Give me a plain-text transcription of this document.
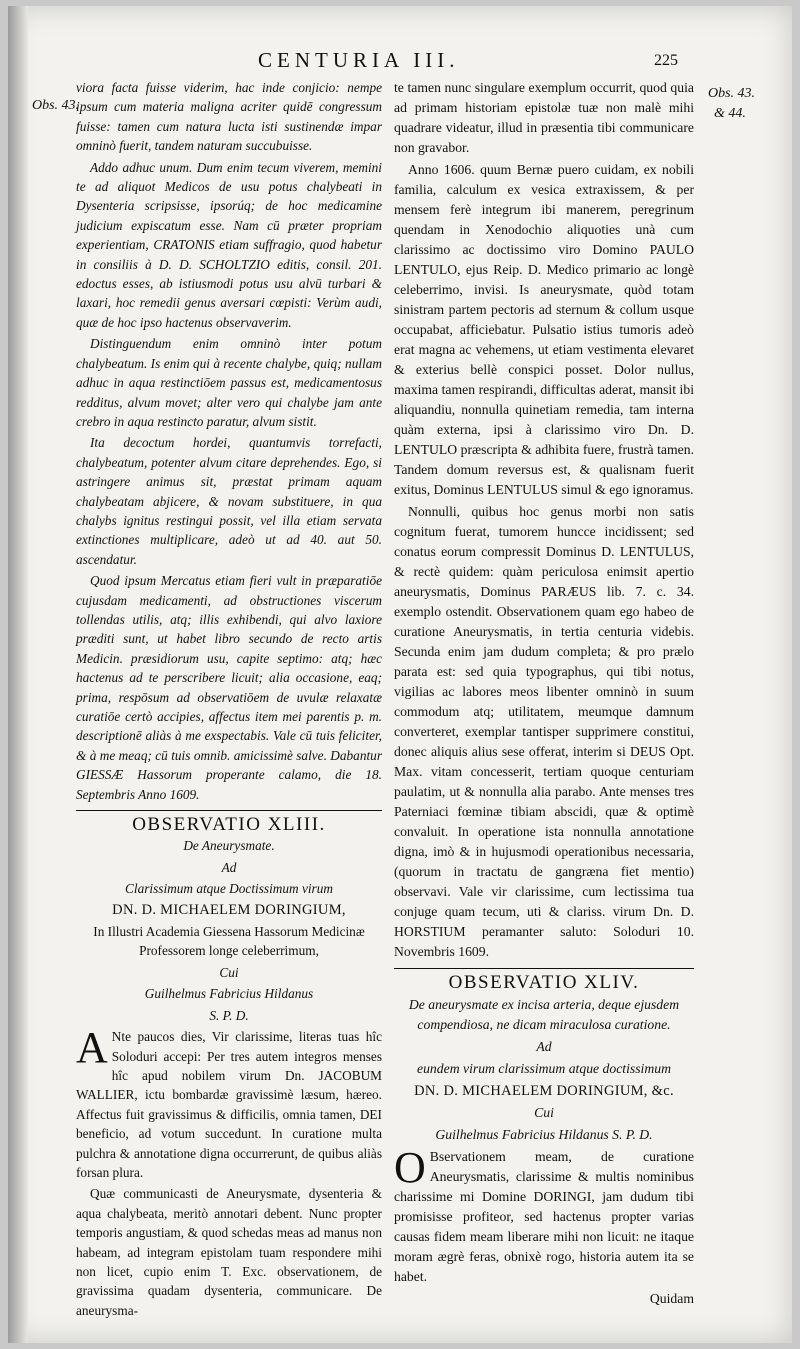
CENTURIA III.	225
Obs. 43.
Obs. 43.
& 44.

viora facta fuisse viderim, hac inde conjicio: nempe ipsum cum materia maligna acriter quidē congressum fuisse: tamen cum natura lucta isti sustinendæ impar omninò fuerit, tandem naturam succubuisse.

Addo adhuc unum. Dum enim tecum viverem, memini te ad aliquot Medicos de usu potus chalybeati in Dysenteria scripsisse, ipsorúq; de hoc medicamine judicium expiscatum esse. Nam cū præter propriam experientiam, CRATONIS etiam suffragio, quod habetur in consiliis à D. D. SCHOLTZIO editis, consil. 201. edoctus esses, ab istiusmodi potus usu alvū turbari & laxari, hoc remedii genus aversari cœpisti: Verùm audi, quæ de hoc ipso hactenus observaverim.

Distinguendum enim omninò inter potum chalybeatum. Is enim qui à recente chalybe, quiq; nullam adhuc in aqua restinctiōem passus est, medicamentosus redditus, alvum movet; alter vero qui chalybe jam ante crebro in aqua restincto paratur, alvum sistit.

Ita decoctum hordei, quantumvis torrefacti, chalybeatum, potenter alvum citare deprehendes. Ego, si astringere animus sit, præstat primam aquam chalybeatam abjicere, & novam substituere, in qua chalybs ignitus restingui possit, vel illa etiam servata extinctiones multiplicare, adeò ut ad 40. aut 50. ascendatur.

Quod ipsum Mercatus etiam fieri vult in præparatiōe cujusdam medicamenti, ad obstructiones viscerum tollendas utilis, atq; illis exhibendi, qui alvo laxiore præditi sunt, ut habet libro secundo de recto artis Medicin. præsidiorum usu, capite septimo: atq; hæc hactenus ad te perscribere licuit; alia occasione, eaq; prima, respōsum ad observatiōem de uvulæ relaxatæ curatiōe certò accipies, affectus item mei parentis p. m. descriptionē aliàs à me exspectabis. Vale cū tuis feliciter, & à me meaq; cū tuis omnib. amicissimè salve. Dabantur GIESSÆ Hassorum properante calamo, die 18. Septembris Anno 1609.

OBSERVATIO XLIII.

De Aneurysmate.

Ad

Clarissimum atque Doctissimum virum

DN. D. MICHAELEM DORINGIUM,

In Illustri Academia Giessena Hassorum Medicinæ Professorem longe celeberrimum,

Cui

Guilhelmus Fabricius Hildanus

S. P. D.

A Nte paucos dies, Vir clarissime, literas tuas hîc Soloduri accepi: Per tres autem integros menses hîc apud nobilem virum Dn. JACOBUM WALLIER, ictu bombardæ gravissimè læsum, hæreo. Affectus fuit gravissimus & difficilis, omnia tamen, DEI beneficio, ad votum succedunt. In curatione multa pulchra & annotatione digna occurrerunt, de quibus aliàs forsan plura.

Quæ communicasti de Aneurysmate, dysenteria & aqua chalybeata, meritò annotari debent. Nunc propter temporis angustiam, & quod schedas meas ad manus non habeam, ad integram epistolam tuam respondere mihi non licet, cupio enim T. Exc. observationem, de gravissima quadam dysenteria, communicare. De aneurysma-

te tamen nunc singulare exemplum occurrit, quod quia ad primam historiam epistolæ tuæ non malè mihi quadrare videatur, illud in præsentia tibi communicare non gravabor.

Anno 1606. quum Bernæ puero cuidam, ex nobili familia, calculum ex vesica extraxissem, & per mensem ferè integrum ibi manerem, peregrinum quendam in Xenodochio aliquoties unà cum clarissimo ac doctissimo viro Domino PAULO LENTULO, ejus Reip. D. Medico primario ac longè celeberrimo, invisi. Is aneurysmate, quòd totam sinistram partem pectoris ad sternum & collum usque occupabat, afficiebatur. Pulsatio istius tumoris adeò erat magna ac vehemens, ut etiam vestimenta elevaret & exterius bellè conspici posset. Dolor nullus, maxima tamen respirandi, difficultas aderat, mansit ibi aliquandiu, nonnulla quinetiam remedia, tam interna quàm externa, ipsi à clarissimo viro Dn. D. LENTULO præscripta & adhibita fuere, frustrà tamen. Tandem domum reversus est, & qualisnam fuerit exitus, Dominus LENTULUS simul & ego ignoramus.

Nonnulli, quibus hoc genus morbi non satis cognitum fuerat, tumorem huncce incidissent; sed conatus eorum compressit Dominus D. LENTULUS, & rectè quidem: quàm periculosa enimsit apertio aneurysmatis, Dominus PARÆUS lib. 7. c. 34. exemplo ostendit. Observationem quam ego habeo de curatione Aneurysmatis, in tertia centuria videbis. Secunda enim jam dudum completa; & pro prælo parata est: sed quia typographus, qui tibi notus, vigilias ac labores meos libenter omninò in suum commodum atq; utilitatem, meumque damnum converteret, exemplar tantisper supprimere constitui, donec aliquis alius sese offerat, interim si DEUS Opt. Max. vitam concesserit, tertiam quoque centuriam paulatim, ut & nonnulla alia parabo. Ante menses tres Paterniaci fœminæ tibiam abscidi, quæ & optimè convaluit. In operatione ista nonnulla annotatione digna, imò & in hujusmodi operationibus necessaria, (quorum in tractatu de gangræna fiet mentio) observavi. Vale vir clarissime, cum lectissima tua conjuge quam tecum, uti & clariss. virum Dn. D. HORSTIUM peramanter saluto: Soloduri 10. Novembris 1609.

OBSERVATIO XLIV.

De aneurysmate ex incisa arteria, deque ejusdem compendiosa, ne dicam miraculosa curatione.

Ad

eundem virum clarissimum atque doctissimum

DN. D. MICHAELEM DORINGIUM, &c.

Cui

Guilhelmus Fabricius Hildanus S. P. D.

O Bservationem meam, de curatione Aneurysmatis, clarissime & multis nominibus charissime mi Domine DORINGI, jam dudum tibi promisisse profiteor, sed hactenus propter varias causas fidem meam liberare mihi non licuit: ne itaque moram ægrè feras, obnixè rogo, historia autem ita se habet.

Quidam
